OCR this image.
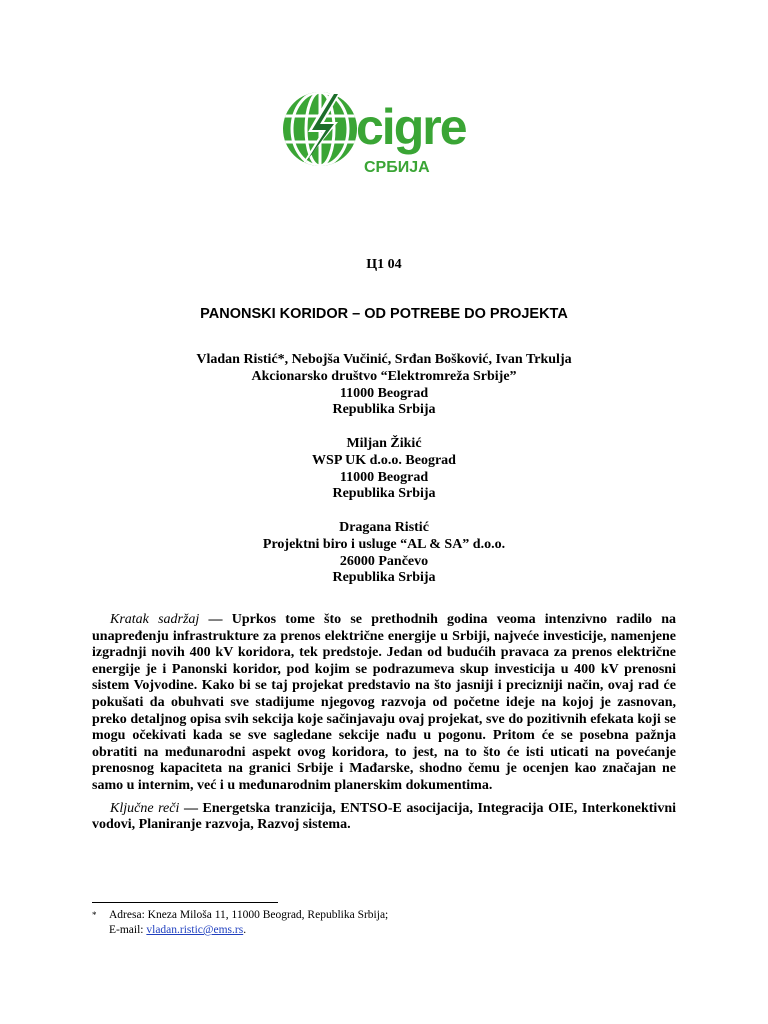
cigre
СРБИЈА
Ц1 04
PANONSKI KORIDOR – OD POTREBE DO PROJEKTA
Vladan Ristić*, Nebojša Vučinić, Srđan Bošković, Ivan Trkulja
Akcionarsko društvo “Elektromreža Srbije”
11000 Beograd
Republika Srbija
Miljan Žikić
WSP UK d.o.o. Beograd
11000 Beograd
Republika Srbija
Dragana Ristić
Projektni biro i usluge “AL & SA” d.o.o.
26000 Pančevo
Republika Srbija

Kratak sadržaj — Uprkos tome što se prethodnih godina veoma intenzivno radilo na unapređenju infrastrukture za prenos električne energije u Srbiji, najveće investicije, namenjene izgradnji novih 400 kV koridora, tek predstoje. Jedan od budućih pravaca za prenos električne energije je i Panonski koridor, pod kojim se podrazumeva skup investicija u 400 kV prenosni sistem Vojvodine. Kako bi se taj projekat predstavio na što jasniji i precizniji način, ovaj rad će pokušati da obuhvati sve stadijume njegovog razvoja od početne ideje na kojoj je zasnovan, preko detaljnog opisa svih sekcija koje sačinjavaju ovaj projekat, sve do pozitivnih efekata koji se mogu očekivati kada se sve sagledane sekcije nađu u pogonu. Pritom će se posebna pažnja obratiti na međunarodni aspekt ovog koridora, to jest, na to što će isti uticati na povećanje prenosnog kapaciteta na granici Srbije i Mađarske, shodno čemu je ocenjen kao značajan ne samo u internim, već i u međunarodnim planerskim dokumentima.

Ključne reči — Energetska tranzicija, ENTSO-E asocijacija, Integracija OIE, Interkonektivni vodovi, Planiranje razvoja, Razvoj sistema.

* Adresa: Kneza Miloša 11, 11000 Beograd, Republika Srbija;
E-mail: vladan.ristic@ems.rs.
